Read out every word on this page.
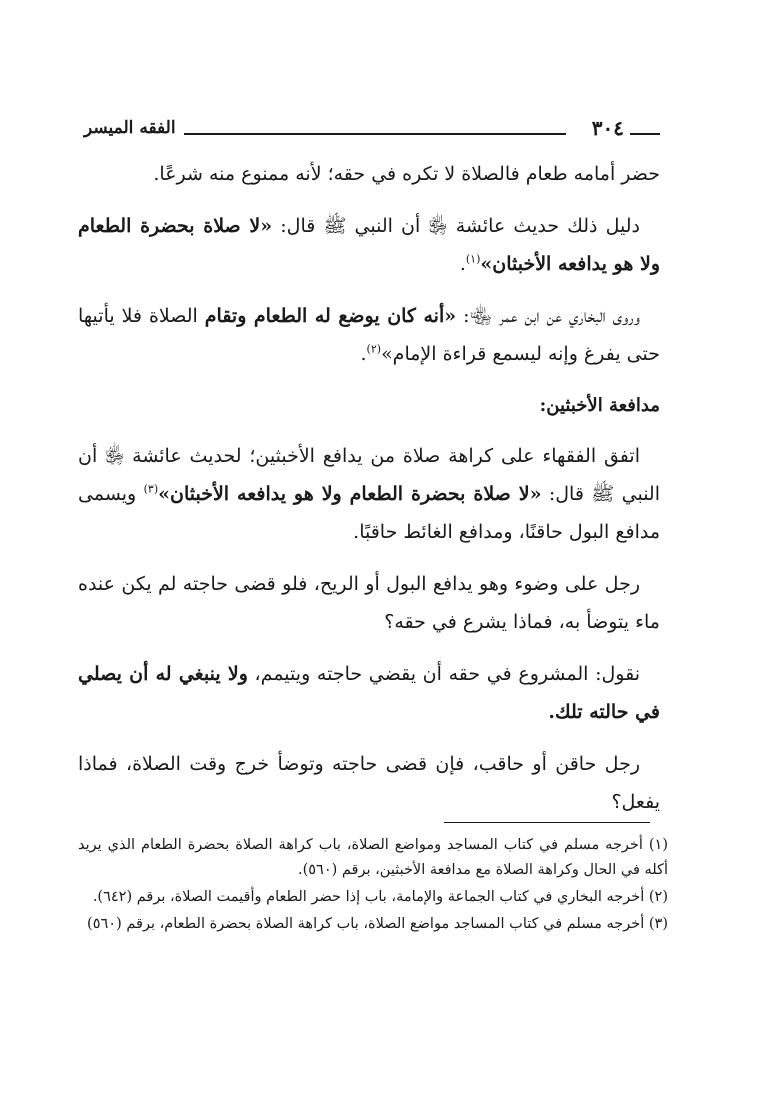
٣٠٤
الفقه الميسر

حضر أمامه طعام فالصلاة لا تكره في حقه؛ لأنه ممنوع منه شرعًا.

دليل ذلك حديث عائشة ﵂ أن النبي ﷺ قال: «لا صلاة بحضرة الطعام ولا هو يدافعه الأخبثان»$^{(١)}$.

وروى البخاري عن ابن عمر ﵄: «أنه كان يوضع له الطعام وتقام الصلاة فلا يأتيها حتى يفرغ وإنه ليسمع قراءة الإمام»$^{(٢)}$.

مدافعة الأخبثين:

اتفق الفقهاء على كراهة صلاة من يدافع الأخبثين؛ لحديث عائشة ﵂ أن النبي ﷺ قال: «لا صلاة بحضرة الطعام ولا هو يدافعه الأخبثان»$^{(٣)}$ ويسمى مدافع البول حاقنًا، ومدافع الغائط حاقبًا.

رجل على وضوء وهو يدافع البول أو الريح، فلو قضى حاجته لم يكن عنده ماء يتوضأ به، فماذا يشرع في حقه؟

نقول: المشروع في حقه أن يقضي حاجته ويتيمم، ولا ينبغي له أن يصلي في حالته تلك.

رجل حاقن أو حاقب، فإن قضى حاجته وتوضأ خرج وقت الصلاة، فماذا يفعل؟

(١) أخرجه مسلم في كتاب المساجد ومواضع الصلاة، باب كراهة الصلاة بحضرة الطعام الذي يريد أكله في الحال وكراهة الصلاة مع مدافعة الأخبثين، برقم (٥٦٠).
(٢) أخرجه البخاري في كتاب الجماعة والإمامة، باب إذا حضر الطعام وأقيمت الصلاة، برقم (٦٤٢).
(٣) أخرجه مسلم في كتاب المساجد مواضع الصلاة، باب كراهة الصلاة بحضرة الطعام، برقم (٥٦٠)
